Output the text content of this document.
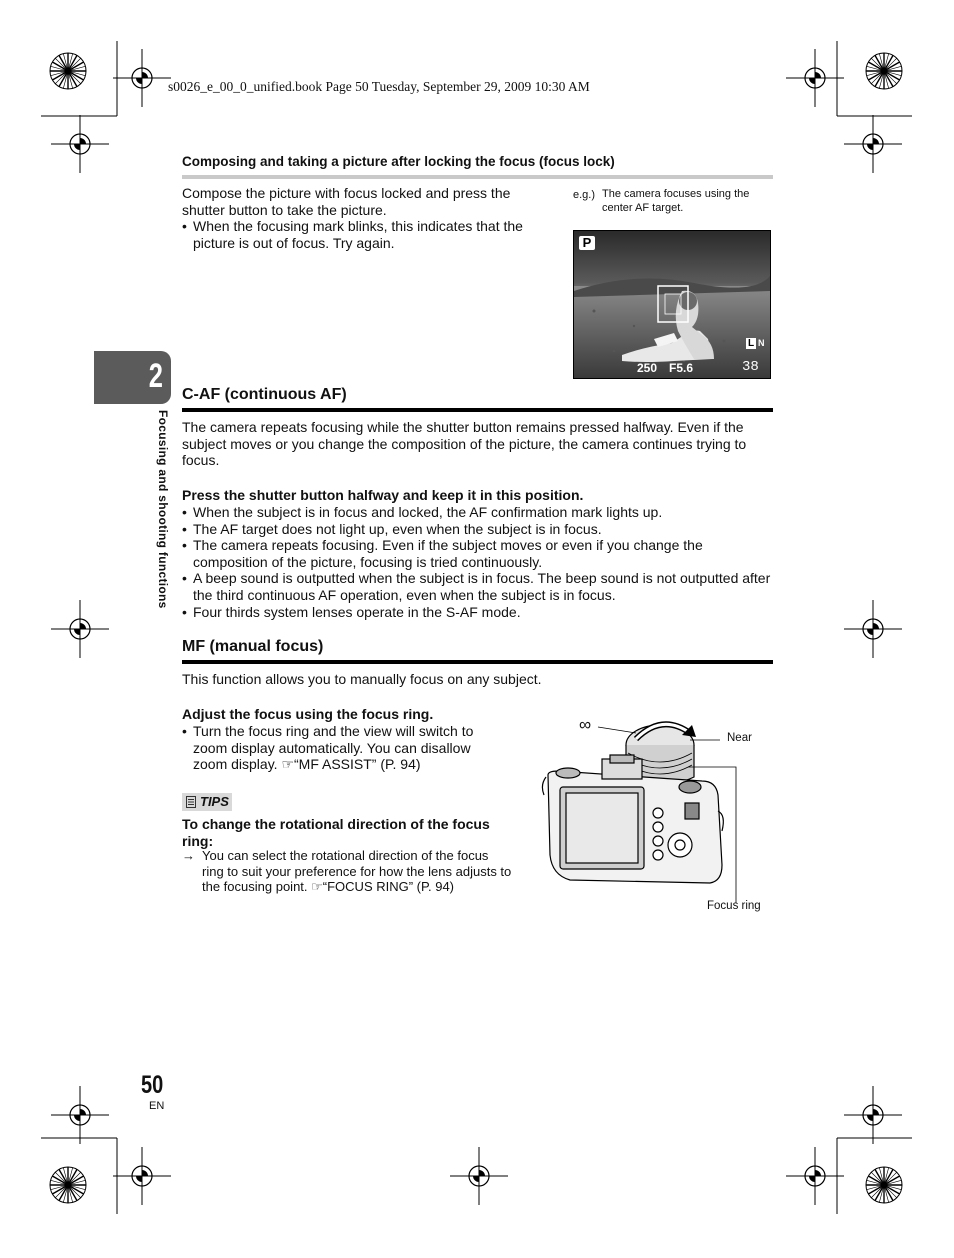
s0026_e_00_0_unified.book Page 50 Tuesday, September 29, 2009 10:30 AM
2
Focusing and shooting functions
Composing and taking a picture after locking the focus (focus lock)
Compose the picture with focus locked and press the shutter button to take the picture.
• When the focusing mark blinks, this indicates that the picture is out of focus. Try again.
e.g.) The camera focuses using the center AF target.
P
L N
250 F5.6	38
C-AF (continuous AF)
The camera repeats focusing while the shutter button remains pressed halfway. Even if the subject moves or you change the composition of the picture, the camera continues trying to focus.
Press the shutter button halfway and keep it in this position.
• When the subject is in focus and locked, the AF confirmation mark lights up.
• The AF target does not light up, even when the subject is in focus.
• The camera repeats focusing. Even if the subject moves or even if you change the composition of the picture, focusing is tried continuously.
• A beep sound is outputted when the subject is in focus. The beep sound is not outputted after the third continuous AF operation, even when the subject is in focus.
• Four thirds system lenses operate in the S-AF mode.
MF (manual focus)
This function allows you to manually focus on any subject.
Adjust the focus using the focus ring.
• Turn the focus ring and the view will switch to zoom display automatically. You can disallow zoom display. ☞“MF ASSIST” (P. 94)
TIPS
To change the rotational direction of the focus ring:
→ You can select the rotational direction of the focus ring to suit your preference for how the lens adjusts to the focusing point. ☞“FOCUS RING” (P. 94)
∞
Near
Focus ring
50
EN
